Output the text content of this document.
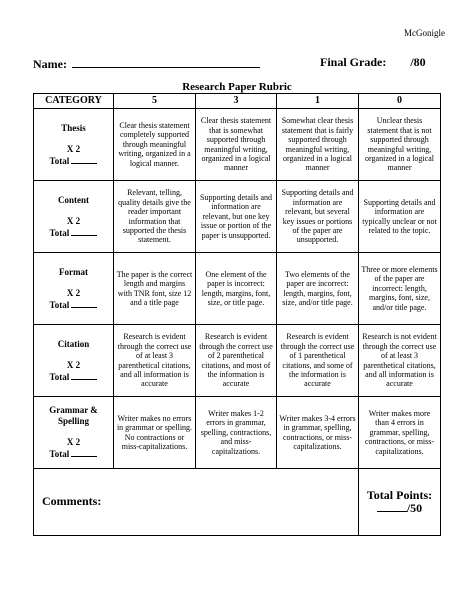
McGonigle
Name:	Final Grade: /80
Research Paper Rubric
CATEGORY	5	3	1	0

Thesis
X 2
Total	Clear thesis statement completely supported through meaningful writing, organized in a logical manner.	Clear thesis statement that is somewhat supported through meaningful writing, organized in a logical manner	Somewhat clear thesis statement that is fairly supported through meaningful writing, organized in a logical manner	Unclear thesis statement that is not supported through meaningful writing, organized in a logical manner

Content
X 2
Total	Relevant, telling, quality details give the reader important information that supported the thesis statement.	Supporting details and information are relevant, but one key issue or portion of the paper is unsupported.	Supporting details and information are relevant, but several key issues or portions of the paper are unsupported.	Supporting details and information are typically unclear or not related to the topic.

Format
X 2
Total	The paper is the correct length and margins with TNR font, size 12 and a title page	One element of the paper is incorrect: length, margins, font, size, or title page.	Two elements of the paper are incorrect: length, margins, font, size, and/or title page.	Three or more elements of the paper are incorrect: length, margins, font, size, and/or title page.

Citation
X 2
Total	Research is evident through the correct use of at least 3 parenthetical citations, and all information is accurate	Research is evident through the correct use of 2 parenthetical citations, and most of the information is accurate	Research is evident through the correct use of 1 parenthetical citations, and some of the information is accurate	Research is not evident through the correct use of at least 3 parenthetical citations, and all information is accurate

Grammar & Spelling
X 2
Total	Writer makes no errors in grammar or spelling. No contractions or miss-capitalizations.	Writer makes 1-2 errors in grammar, spelling, contractions, and miss-capitalizations.	Writer makes 3-4 errors in grammar, spelling, contractions, or miss-capitalizations.	Writer makes more than 4 errors in grammar, spelling, contractions, or miss-capitalizations.
Comments:				Total Points:
/50
